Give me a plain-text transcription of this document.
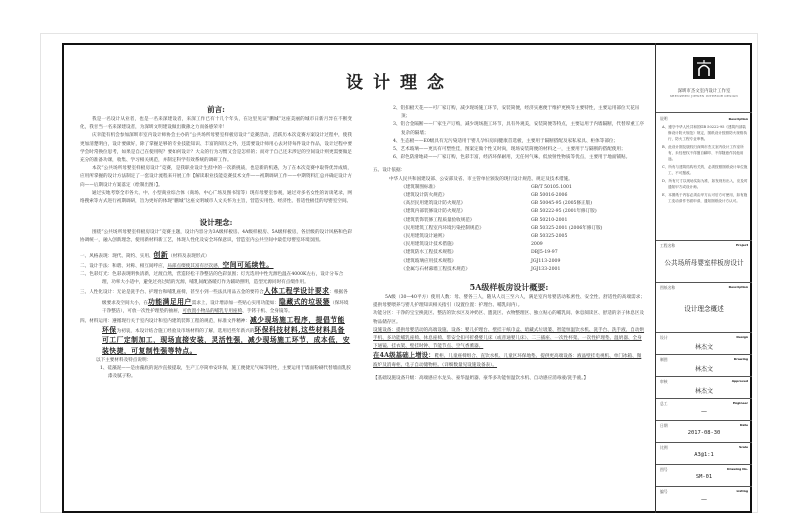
设计理念
前言:

我是一名设计从业者，也是一名来深建设者，来深工作已有十几个年头，在这里见证“鹏城”这座美丽的城市日新月异在不断变化，我甘当一名来深建设者，为深圳文明建设做出微薄之力而备感荣幸！

庆幸能有机会参加深圳市室内设计师协会主办的“公共场所母婴室样板房设计”竞赛活动，活跃历本次竞赛方案设计过程中，使我更加清楚明白，设计要做好，除了掌握足够的专业技能知识、丰富的阅历之外，还需要设计师用心去对待每件设计作品，设计过程中要学会时常换位思考，如果是自己在使用呢？要如何设计？大众的行为习惯又会是怎样的；而对于自己还未涉足的空间设计则更需要做足充分的准备功课，收集、学习相关规范，并制定科学有效系统的调研工作。

本次“公共场所母婴室样板房设计”竞赛，是我职业设计生涯中的一次新挑战，也是新的机遇，为了在本次竞赛中取得优异成绩，应用所掌握的设计方法制定了一套设计流程来开展工作【解读职业技能竞赛技术文件——初期调研工作——中期资料汇总并确定设计方向——后期设计方案落定（绘制出图）】。

通过实地考察全市各大、中、小型商业综合体（商场、中心广场及图书馆等）现有母婴室参观，通过对多名女性的访谈笔录，网络搜索等方式进行初期调研，旨为更好的体现“鹏城”这座文明城市人文关怀为主旨，营造实用性、经济性、普适性极佳的母婴室空间。

设计理念:

围绕“公共场所母婴室样板房设计”竞赛主题，设计内容分为3A级样板房、4A级样板房、5A级样板房，各层级的设计风格和色彩协调统一，融入创新理念，使用新材料新工艺，体现人性化及安全环保意识，营造室内公共空间中最佳母婴室环境氛围。

一、风格表现：现代、简约、实用、创新（材料及表现形式）
二、设计手法：和谐、对称、相互间呼应，局部点缀使其富有层次感，空间可延续性。
二、色彩灯光：色彩表现明快清新，过渡自然，营造轻松干净整洁的色彩氛围；灯光选用中性光源色温在4000K左右，设计分布合理，功率大小适中，避免过亮过暗的光源，哺乳间配备暖灯作为辅助照明，造型光源同时有点缀作用。
三、人性化设计：无论是洗手台、护理台和哺乳座椅，甚至小到一些法具用品五金的要符合人体工程学设计要求：根据各级要求及空间大小，在功能满足用户需求上，设计增添加一些贴心实用功能如：隐藏式的垃圾篓（保环境干净整洁），可放一次性护理垫的抽屉，可放置小物品的哺乳专用座椅、手铐干机、全身镜等。
四、材料运用：遵循现行关于室内设计和室内建筑装饰工程的规范，标准文件精神：减少现场施工程序，提倡节能环保为初衷，本设计结合施工经验及市场材料的了解，选用近些年新兴的环保科技材料,这些材料具备可工厂定制加工，现场直接安装，灵活性强，减少现场施工环节，成本低，安装快捷，可复制性强等特点。
以下主要材料及特点说明：
1、硅藻泥——是由藻底的泥沙直接提取，生产工序简单安环保，施工便捷无气味等特性，主要运用于墙面粉刷代替墙面乳胶漆及腻子粉。
2、铝扣板天花——可厂家订购，减少现场施工环节，安装简便，经济实惠便于维护更换等主要特性，主要运用部位天花吊顶；
3、铝合金隔断——厂家生产订购，减少现场施工环节，具有外观美，安装简便等特点，主要运用于内墙隔断，代替厚重工序复杂的隔墙；
4、生态板——E0级具有无污染适用于婴儿孕妇房间健康首选板，主要用于隔断搭配及家私家具、柜体等部位；
5、艺术玻璃——更具有可塑性佳，图案定做个性又时尚，现场安装简便的材料之一，主要用于与隔断的搭配使用；
6、彩色防滑地砖——厂家订购，色彩丰富，经济环保耐用，无任何气味，低放射性物质等优点，主要用于地面铺贴。
五、设计依据：
中华人民共和国建设部、公安部及省、市主管单位颁发的现行设计规范、规定及技术措施。
《建筑制图标准》	GB/T 50105.1001
《建筑设计防火规范》	GB 50016-2006
《高层民用建筑设计防火规范》	GB 50045-95 (2005修正版)
《建筑内部装修设计防火规范》	GB 50222-95 (2001年修订版)
《建筑装饰装修工程质量验收规范》	GB 50210-2001
《民用建筑工程室内环境污染控制规范》	GB 50325-2001 (2006年修订版)
《民用建筑设计通则》	GB 50325-2005
《民用建筑设计技术措施》	2009
《建筑防水工程技术规程》	DBJ5-19-97
《建筑玻璃应用技术规程》	JGJ113-2009
《金属与石材幕墙工程技术规范》	JGJ133-2001
5A级样板房设计概要:

5A级（30—40平方）使用人数：母、婴各三人，随从人员三至六人，满足室内母婴活动私密性、安全性、舒适性的高端需求；提供母婴喂养与婴儿护理知识相关指引（设置位置：护理台、哺乳间内）。

功能分区：干净的宝宝换洗区、整洁的饮水区及冲奶区、盥洗区、衣物整理区、独立贴心的哺乳间、休息阅读区、舒适的亲子休息区及物品储存区。
设施设备：提供母婴活动的高端设施、设备：婴儿护理台、壁挂干纸巾盒、暗藏式垃圾篓、智能恒温饮水机、洗手台、洗手液、自动烘手机、多功能哺乳座椅、休息座椅、带安全扣可折叠婴儿床（或普通婴儿床）、二三插座、一次性杯架、一次性护理垫、温奶器、全身下通镜、挂衣架、壁挂时钟、节能节点、空气香薰器。
在4A级基础上增设：鞋柜、儿童座椅组合、直饮水机、儿童区环保地垫、提供更高端设备：液晶壁挂电视机、单门冰箱、微波炉及消毒柜、电子自动储物柜。（详细数量见设施设备表）。
【基础设施设备升级：高端感应水龙头、豪华温奶器、豪华多功能恒温饮水机、自动感应消毒液/洗手液。】
深圳市杰文室内设计工作室
SHENZHEN JIEWEN INTERIOR DESIGN
说明	Description
A、遵守中华人民共和国GB 50222-95《建筑内部装修设计防火规范》规定，图纸设计按照防火规格执行，防火工程专业审核。
B、此设计图及版权归深圳市杰文室内设计工作室所有，未经授权不得擅自翻印、不得随意作其他用途。
C、所有与建筑结构有关的，必须按照图纸设计单位施工，不可擅改。
D、所有尺寸以现场实际为准，如发现有出入，应及时通知甲方或设计师。
E、本图纸于内容必须由甲方认可后方可使用，如有施工变动请作书面申请，通知图纸设计方认可。
工程名称	Project
公共场所母婴室样板房设计
图纸名称	Description
设计理念概述
设计	Design
林杰文
制图	Drawing
林杰文
审核	Approved
林杰文
总工	Engineer
—
日期	Date
2017-08-30
比例	Scale
A3@1:1
图号	Drawing No.
SM-01
编号	Listing
—
